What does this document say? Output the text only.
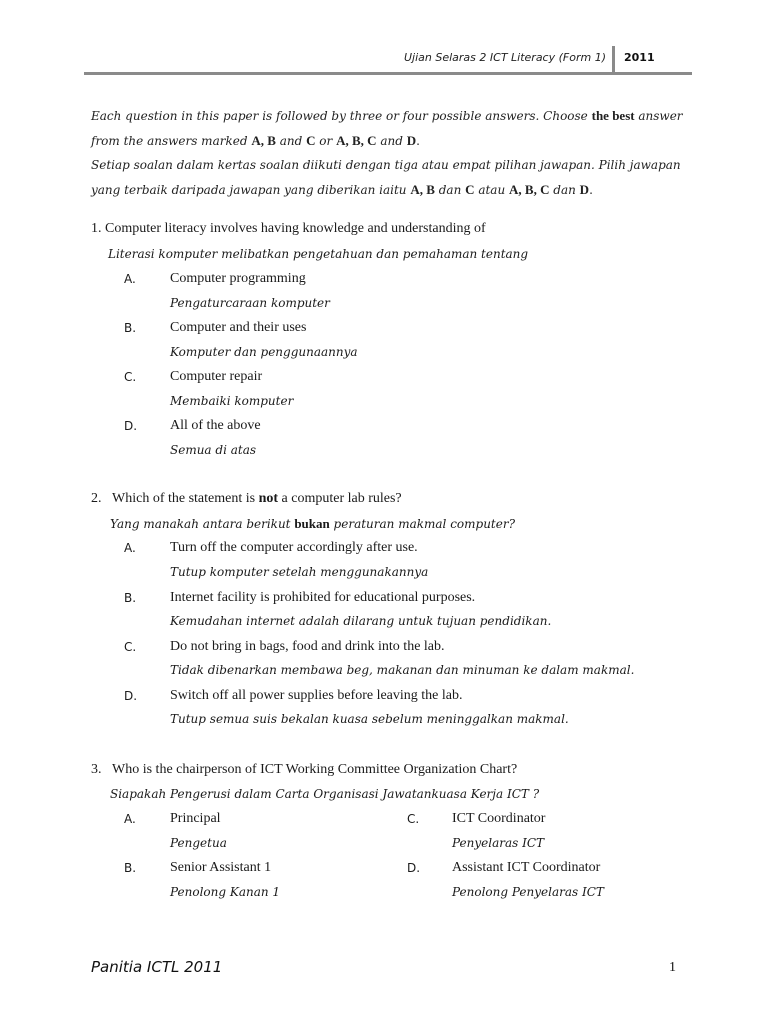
Ujian Selaras 2 ICT Literacy (Form 1) 2011
Each question in this paper is followed by three or four possible answers. Choose the best answer from the answers marked A, B and C or A, B, C and D.
Setiap soalan dalam kertas soalan diikuti dengan tiga atau empat pilihan jawapan. Pilih jawapan yang terbaik daripada jawapan yang diberikan iaitu A, B dan C atau A, B, C dan D.
1. Computer literacy involves having knowledge and understanding of
Literasi komputer melibatkan pengetahuan dan pemahaman tentang
A. Computer programming
Pengaturcaraan komputer
B. Computer and their uses
Komputer dan penggunaannya
C. Computer repair
Membaiki komputer
D. All of the above
Semua di atas
2. Which of the statement is not a computer lab rules?
Yang manakah antara berikut bukan peraturan makmal computer?
A. Turn off the computer accordingly after use.
Tutup komputer setelah menggunakannya
B. Internet facility is prohibited for educational purposes.
Kemudahan internet adalah dilarang untuk tujuan pendidikan.
C. Do not bring in bags, food and drink into the lab.
Tidak dibenarkan membawa beg, makanan dan minuman ke dalam makmal.
D. Switch off all power supplies before leaving the lab.
Tutup semua suis bekalan kuasa sebelum meninggalkan makmal.
3. Who is the chairperson of ICT Working Committee Organization Chart?
Siapakah Pengerusi dalam Carta Organisasi Jawatankuasa Kerja ICT ?
A. Principal
Pengetua
B. Senior Assistant 1
Penolong Kanan 1
C. ICT Coordinator
Penyelaras ICT
D. Assistant ICT Coordinator
Penolong Penyelaras ICT
Panitia ICTL 2011	1
